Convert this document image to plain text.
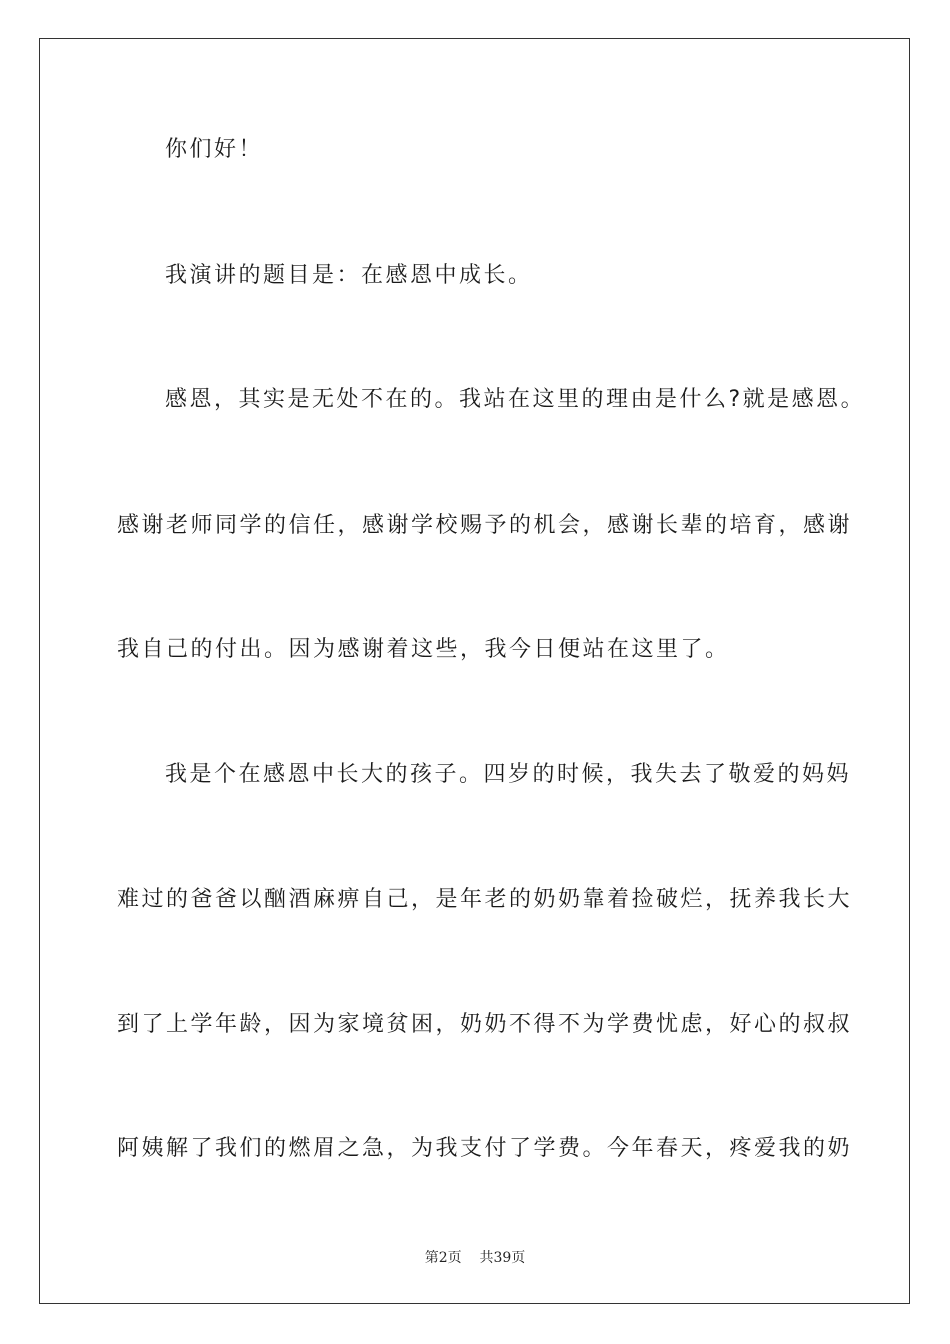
你们好！
我演讲的题目是：在感恩中成长。
感恩，其实是无处不在的。我站在这里的理由是什么?就是感恩。
感谢老师同学的信任，感谢学校赐予的机会，感谢长辈的培育，感谢
我自己的付出。因为感谢着这些，我今日便站在这里了。
我是个在感恩中长大的孩子。四岁的时候，我失去了敬爱的妈妈
难过的爸爸以酗酒麻痹自己，是年老的奶奶靠着捡破烂，抚养我长大
到了上学年龄，因为家境贫困，奶奶不得不为学费忧虑，好心的叔叔
阿姨解了我们的燃眉之急，为我支付了学费。今年春天，疼爱我的奶
第2页 共39页
